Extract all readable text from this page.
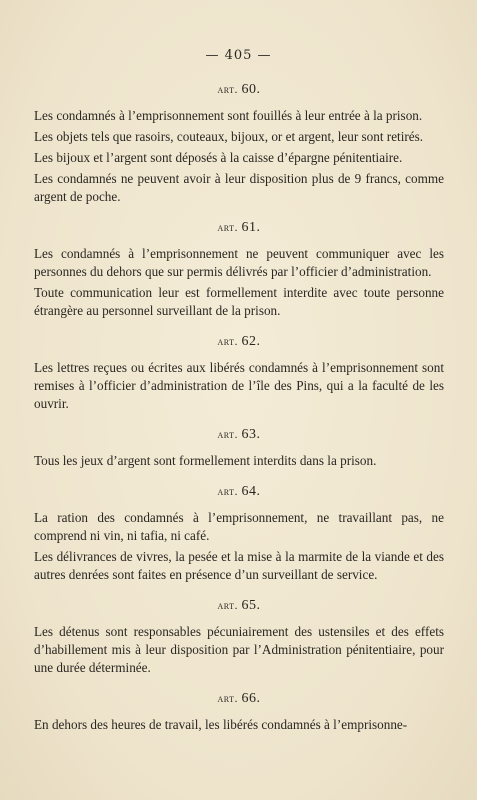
— 405 —
art. 60.

Les condamnés à l’emprisonnement sont fouillés à leur entrée à la prison.

Les objets tels que rasoirs, couteaux, bijoux, or et argent, leur sont retirés.

Les bijoux et l’argent sont déposés à la caisse d’épargne pénitentiaire.

Les condamnés ne peuvent avoir à leur disposition plus de 9 francs, comme argent de poche.

art. 61.

Les condamnés à l’emprisonnement ne peuvent communiquer avec les personnes du dehors que sur permis délivrés par l’officier d’administration.

Toute communication leur est formellement interdite avec toute personne étrangère au personnel surveillant de la prison.

art. 62.

Les lettres reçues ou écrites aux libérés condamnés à l’emprisonnement sont remises à l’officier d’administration de l’île des Pins, qui a la faculté de les ouvrir.

art. 63.

Tous les jeux d’argent sont formellement interdits dans la prison.

art. 64.

La ration des condamnés à l’emprisonnement, ne travaillant pas, ne comprend ni vin, ni tafia, ni café.

Les délivrances de vivres, la pesée et la mise à la marmite de la viande et des autres denrées sont faites en présence d’un surveillant de service.

art. 65.

Les détenus sont responsables pécuniairement des ustensiles et des effets d’habillement mis à leur disposition par l’Administration pénitentiaire, pour une durée déterminée.

art. 66.

En dehors des heures de travail, les libérés condamnés à l’emprisonne-
